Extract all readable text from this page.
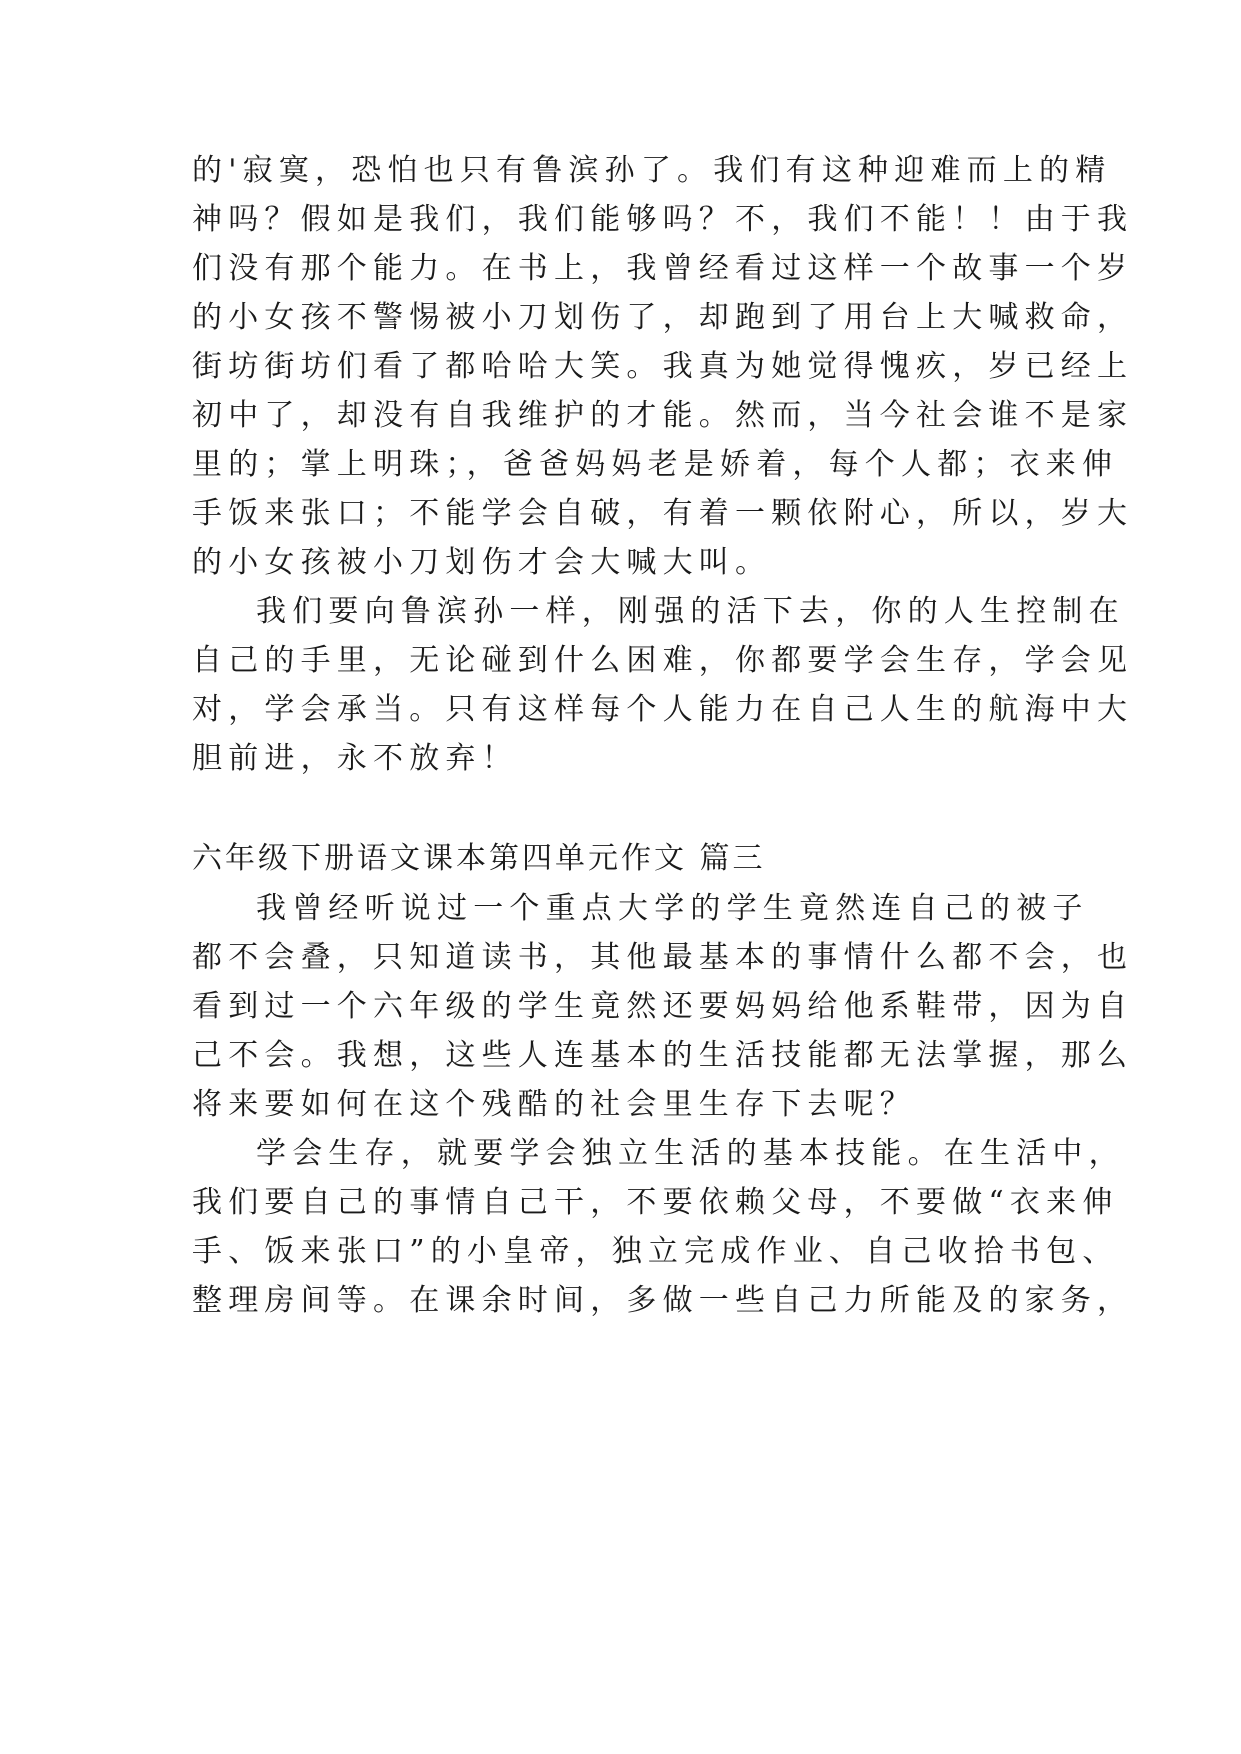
的'寂寞，恐怕也只有鲁滨孙了。我们有这种迎难而上的精
神吗？假如是我们，我们能够吗？不，我们不能！！由于我
们没有那个能力。在书上，我曾经看过这样一个故事一个岁
的小女孩不警惕被小刀划伤了，却跑到了用台上大喊救命，
街坊街坊们看了都哈哈大笑。我真为她觉得愧疚，岁已经上
初中了，却没有自我维护的才能。然而，当今社会谁不是家
里的；掌上明珠；，爸爸妈妈老是娇着，每个人都；衣来伸
手饭来张口；不能学会自破，有着一颗依附心，所以，岁大
的小女孩被小刀划伤才会大喊大叫。
我们要向鲁滨孙一样，刚强的活下去，你的人生控制在
自己的手里，无论碰到什么困难，你都要学会生存，学会见
对，学会承当。只有这样每个人能力在自己人生的航海中大
胆前进，永不放弃！
六年级下册语文课本第四单元作文 篇三
我曾经听说过一个重点大学的学生竟然连自己的被子
都不会叠，只知道读书，其他最基本的事情什么都不会，也
看到过一个六年级的学生竟然还要妈妈给他系鞋带，因为自
己不会。我想，这些人连基本的生活技能都无法掌握，那么
将来要如何在这个残酷的社会里生存下去呢？
学会生存，就要学会独立生活的基本技能。在生活中，
我们要自己的事情自己干，不要依赖父母，不要做“衣来伸
手、饭来张口”的小皇帝，独立完成作业、自己收拾书包、
整理房间等。在课余时间，多做一些自己力所能及的家务，
